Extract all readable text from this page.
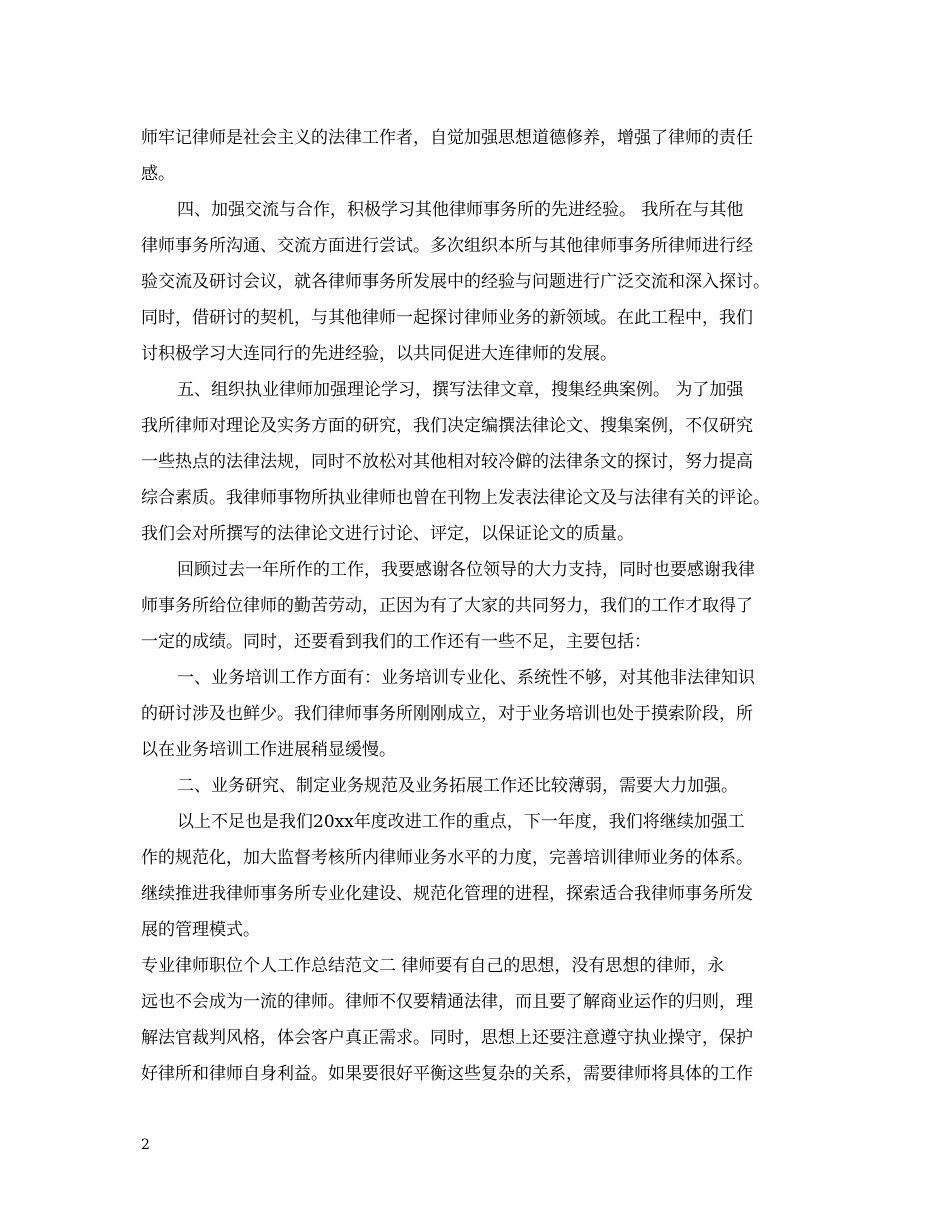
师牢记律师是社会主义的法律工作者，自觉加强思想道德修养，增强了律师的责任
感。
四、加强交流与合作，积极学习其他律师事务所的先进经验。 我所在与其他
律师事务所沟通、交流方面进行尝试。多次组织本所与其他律师事务所律师进行经
验交流及研讨会议，就各律师事务所发展中的经验与问题进行广泛交流和深入探讨。
同时，借研讨的契机，与其他律师一起探讨律师业务的新领域。在此工程中，我们
讨积极学习大连同行的先进经验，以共同促进大连律师的发展。
五、组织执业律师加强理论学习，撰写法律文章，搜集经典案例。 为了加强
我所律师对理论及实务方面的研究，我们决定编撰法律论文、搜集案例，不仅研究
一些热点的法律法规，同时不放松对其他相对较冷僻的法律条文的探讨，努力提高
综合素质。我律师事物所执业律师也曾在刊物上发表法律论文及与法律有关的评论。
我们会对所撰写的法律论文进行讨论、评定，以保证论文的质量。
回顾过去一年所作的工作，我要感谢各位领导的大力支持，同时也要感谢我律
师事务所给位律师的勤苦劳动，正因为有了大家的共同努力，我们的工作才取得了
一定的成绩。同时，还要看到我们的工作还有一些不足，主要包括：
一、业务培训工作方面有：业务培训专业化、系统性不够，对其他非法律知识
的研讨涉及也鲜少。我们律师事务所刚刚成立，对于业务培训也处于摸索阶段，所
以在业务培训工作进展稍显缓慢。
二、业务研究、制定业务规范及业务拓展工作还比较薄弱，需要大力加强。
以上不足也是我们20xx年度改进工作的重点，下一年度，我们将继续加强工
作的规范化，加大监督考核所内律师业务水平的力度，完善培训律师业务的体系。
继续推进我律师事务所专业化建设、规范化管理的进程，探索适合我律师事务所发
展的管理模式。
专业律师职位个人工作总结范文二 律师要有自己的思想，没有思想的律师，永
远也不会成为一流的律师。律师不仅要精通法律，而且要了解商业运作的归则，理
解法官裁判风格，体会客户真正需求。同时，思想上还要注意遵守执业操守，保护
好律所和律师自身利益。如果要很好平衡这些复杂的关系，需要律师将具体的工作
2
